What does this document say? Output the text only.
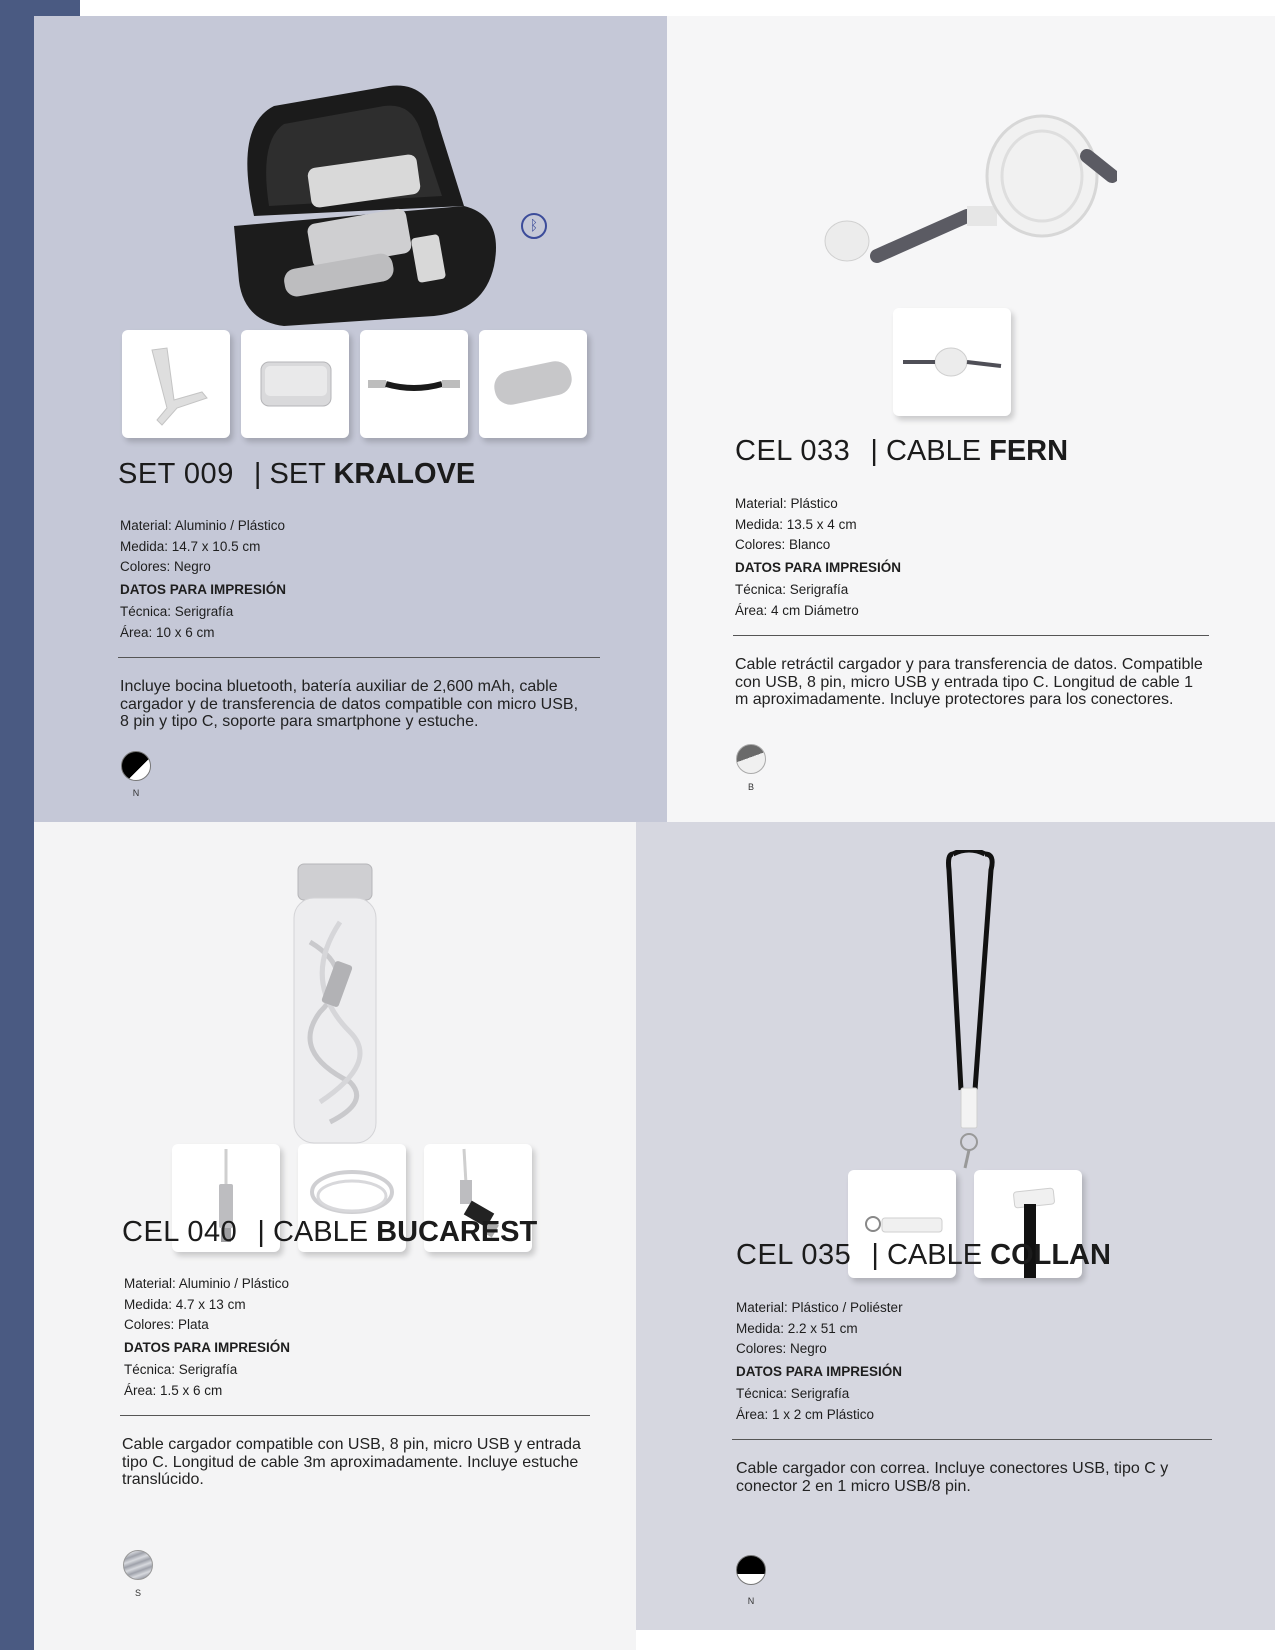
ᛒ
SET 009 | SET KRALOVE
Material: Aluminio / Plástico
Medida: 14.7 x 10.5 cm
Colores: Negro
DATOS PARA IMPRESIÓN
Técnica: Serigrafía
Área: 10 x 6 cm
Incluye bocina bluetooth, batería auxiliar de 2,600 mAh, cable cargador y de transferencia de datos compatible con micro USB, 8 pin y tipo C, soporte para smartphone y estuche.
N
CEL 033 | CABLE FERN
Material: Plástico
Medida: 13.5 x 4 cm
Colores: Blanco
DATOS PARA IMPRESIÓN
Técnica: Serigrafía
Área: 4 cm Diámetro
Cable retráctil cargador y para transferencia de datos. Compatible con USB, 8 pin, micro USB y entrada tipo C. Longitud de cable 1 m aproximadamente. Incluye protectores para los conectores.
B
CEL 040 | CABLE BUCAREST
Material: Aluminio / Plástico
Medida: 4.7 x 13 cm
Colores: Plata
DATOS PARA IMPRESIÓN
Técnica: Serigrafía
Área: 1.5 x 6 cm
Cable cargador compatible con USB, 8 pin, micro USB y entrada tipo C. Longitud de cable 3m aproximadamente. Incluye estuche translúcido.
S
CEL 035 | CABLE COLLAN
Material: Plástico / Poliéster
Medida: 2.2 x 51 cm
Colores: Negro
DATOS PARA IMPRESIÓN
Técnica: Serigrafía
Área: 1 x 2 cm Plástico
Cable cargador con correa. Incluye conectores USB, tipo C y conector 2 en 1 micro USB/8 pin.
N
